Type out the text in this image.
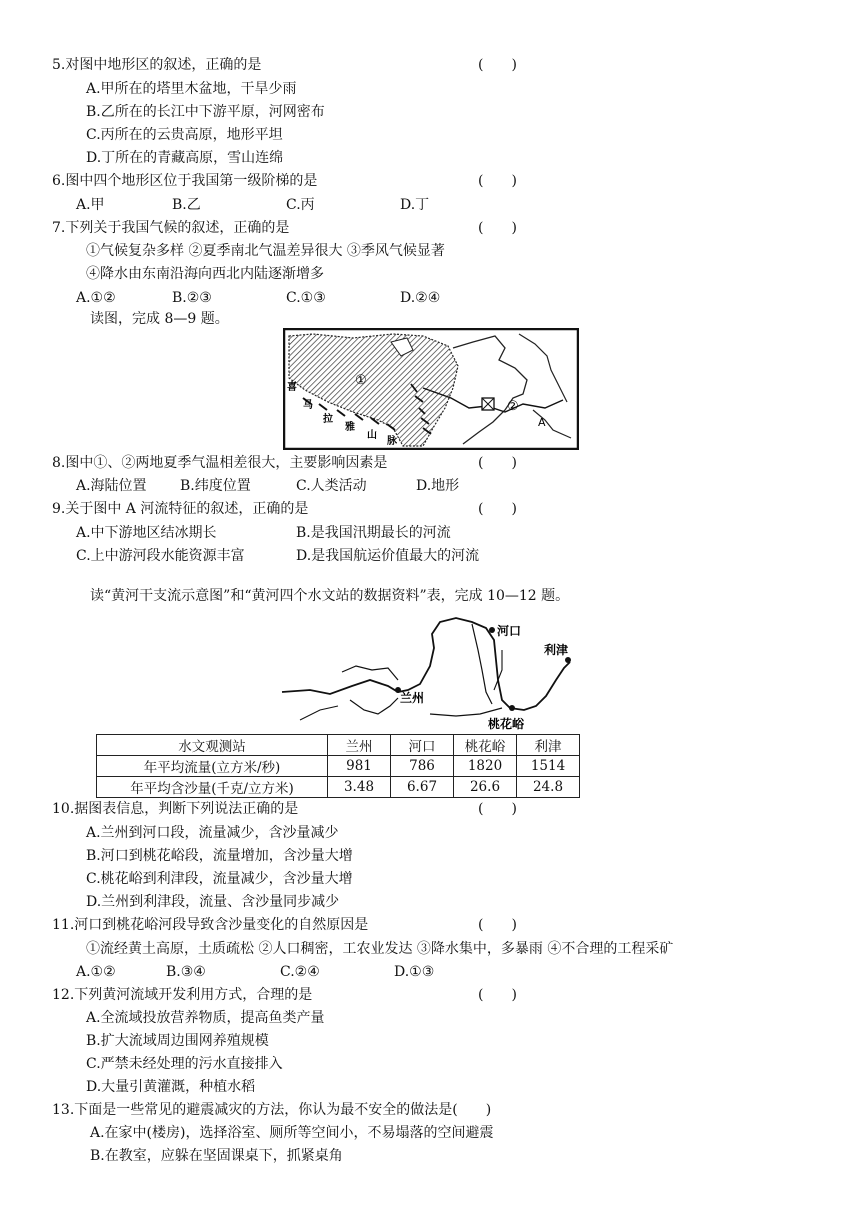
5.对图中地形区的叙述，正确的是	(　　)
A.甲所在的塔里木盆地，干旱少雨
B.乙所在的长江中下游平原，河网密布
C.丙所在的云贵高原，地形平坦
D.丁所在的青藏高原，雪山连绵
6.图中四个地形区位于我国第一级阶梯的是	(　　)
A.甲	B.乙	C.丙	D.丁
7.下列关于我国气候的叙述，正确的是	(　　)
①气候复杂多样 ②夏季南北气温差异很大 ③季风气候显著
④降水由东南沿海向西北内陆逐渐增多
A.①②	B.②③	C.①③	D.②④
读图，完成 8—9 题。
①
②
A
喜
马
拉
雅
山
脉
8.图中①、②两地夏季气温相差很大，主要影响因素是	(　　)
A.海陆位置 B.纬度位置	C.人类活动	D.地形
9.关于图中 A 河流特征的叙述，正确的是	(　　)
A.中下游地区结冰期长	B.是我国汛期最长的河流
C.上中游河段水能资源丰富	D.是我国航运价值最大的河流
读“黄河干支流示意图”和“黄河四个水文站的数据资料”表，完成 10—12 题。
河口
利津
兰州
桃花峪
水文观测站	兰州	河口	桃花峪	利津
年平均流量(立方米/秒)	981	786	1820	1514
年平均含沙量(千克/立方米)	3.48	6.67	26.6	24.8
10.据图表信息，判断下列说法正确的是	(　　)
A.兰州到河口段，流量减少，含沙量减少
B.河口到桃花峪段，流量增加，含沙量大增
C.桃花峪到利津段，流量减少，含沙量大增
D.兰州到利津段，流量、含沙量同步减少
11.河口到桃花峪河段导致含沙量变化的自然原因是	(　　)
①流经黄土高原，土质疏松 ②人口稠密，工农业发达 ③降水集中，多暴雨 ④不合理的工程采矿
A.①②	B.③④	C.②④	D.①③
12.下列黄河流域开发利用方式，合理的是	(　　)
A.全流域投放营养物质，提高鱼类产量
B.扩大流域周边围网养殖规模
C.严禁未经处理的污水直接排入
D.大量引黄灌溉，种植水稻
13.下面是一些常见的避震减灾的方法，你认为最不安全的做法是(　　)
A.在家中(楼房)，选择浴室、厕所等空间小，不易塌落的空间避震
B.在教室，应躲在坚固课桌下，抓紧桌角
